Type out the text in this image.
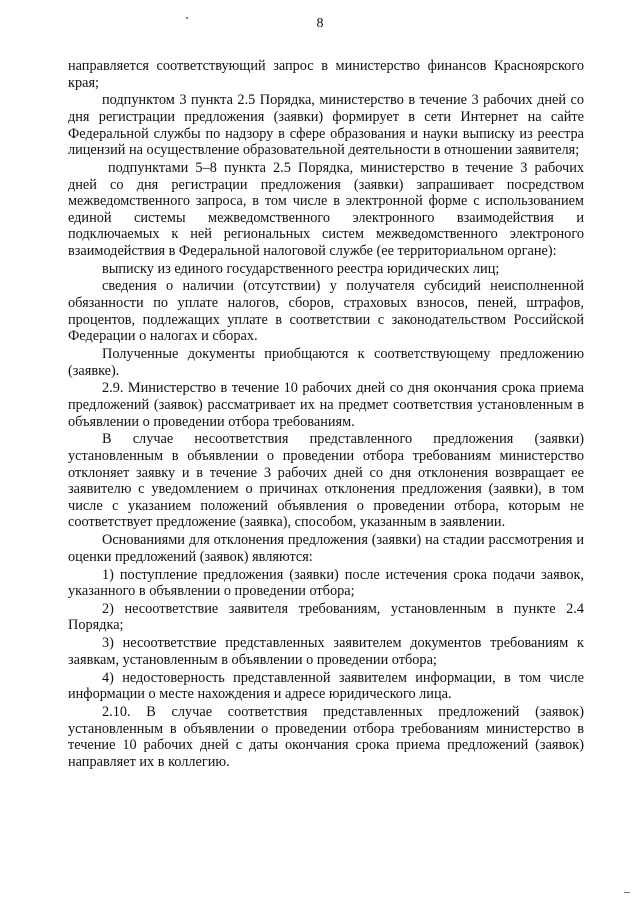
8

направляется соответствующий запрос в министерство финансов Красноярского края;

подпунктом 3 пункта 2.5 Порядка, министерство в течение 3 рабочих дней со дня регистрации предложения (заявки) формирует в сети Интернет на сайте Федеральной службы по надзору в сфере образования и науки выписку из реестра лицензий на осуществление образовательной деятельности в отношении заявителя;

подпунктами 5–8 пункта 2.5 Порядка, министерство в течение 3 рабочих дней со дня регистрации предложения (заявки) запрашивает посредством межведомственного запроса, в том числе в электронной форме с использованием единой системы межведомственного электронного взаимодействия и подключаемых к ней региональных систем межведомственного электроного взаимодействия в Федеральной налоговой службе (ее территориальном органе):

выписку из единого государственного реестра юридических лиц;

сведения о наличии (отсутствии) у получателя субсидий неисполненной обязанности по уплате налогов, сборов, страховых взносов, пеней, штрафов, процентов, подлежащих уплате в соответствии с законодательством Российской Федерации о налогах и сборах.

Полученные документы приобщаются к соответствующему предложению (заявке).

2.9. Министерство в течение 10 рабочих дней со дня окончания срока приема предложений (заявок) рассматривает их на предмет соответствия установленным в объявлении о проведении отбора требованиям.

В случае несоответствия представленного предложения (заявки) установленным в объявлении о проведении отбора требованиям министерство отклоняет заявку и в течение 3 рабочих дней со дня отклонения возвращает ее заявителю с уведомлением о причинах отклонения предложения (заявки), в том числе с указанием положений объявления о проведении отбора, которым не соответствует предложение (заявка), способом, указанным в заявлении.

Основаниями для отклонения предложения (заявки) на стадии рассмотрения и оценки предложений (заявок) являются:

1) поступление предложения (заявки) после истечения срока подачи заявок, указанного в объявлении о проведении отбора;

2) несоответствие заявителя требованиям, установленным в пункте 2.4 Порядка;

3) несоответствие представленных заявителем документов требованиям к заявкам, установленным в объявлении о проведении отбора;

4) недостоверность представленной заявителем информации, в том числе информации о месте нахождения и адресе юридического лица.

2.10. В случае соответствия представленных предложений (заявок) установленным в объявлении о проведении отбора требованиям министерство в течение 10 рабочих дней с даты окончания срока приема предложений (заявок) направляет их в коллегию.
